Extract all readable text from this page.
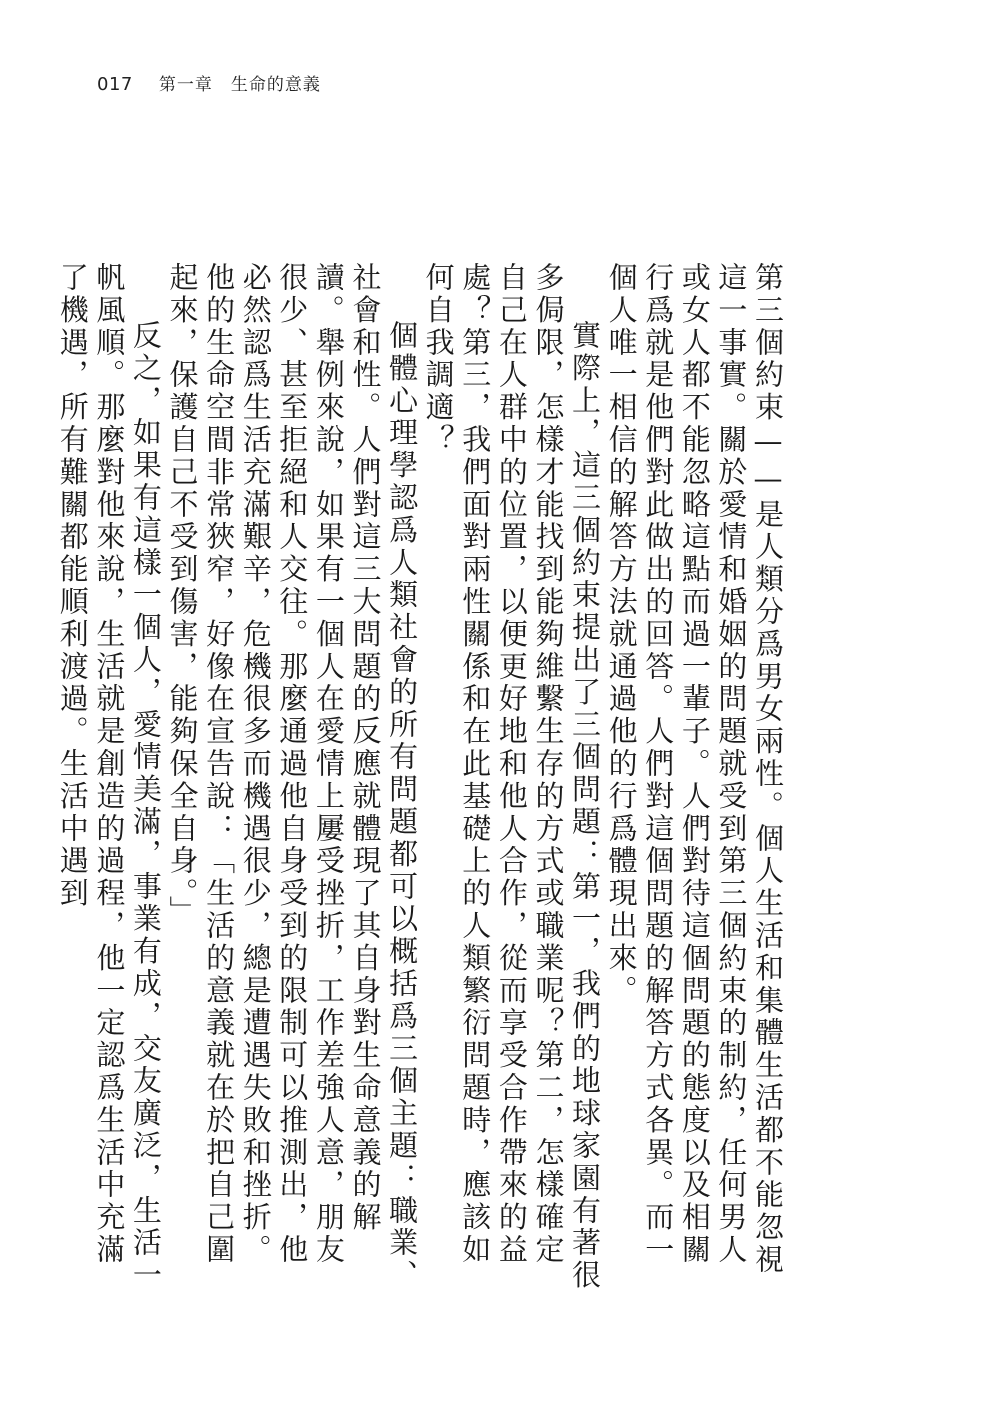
017 第一章　生命的意義

第三個約束——是人類分爲男女兩性。個人生活和集體生活都不能忽視這一事實。關於愛情和婚姻的問題就受到第三個約束的制約，任何男人或女人都不能忽略這點而過一輩子。人們對待這個問題的態度以及相關行爲就是他們對此做出的回答。人們對這個問題的解答方式各異。而一個人唯一相信的解答方法就通過他的行爲體現出來。

實際上，這三個約束提出了三個問題：第一，我們的地球家園有著很多侷限，怎樣才能找到能夠維繫生存的方式或職業呢？第二，怎樣確定自己在人群中的位置，以便更好地和他人合作，從而享受合作帶來的益處？第三，我們面對兩性關係和在此基礎上的人類繁衍問題時，應該如何自我調適？

個體心理學認爲人類社會的所有問題都可以概括爲三個主題：職業、社會和性。人們對這三大問題的反應就體現了其自身對生命意義的解讀。舉例來說，如果有一個人在愛情上屢受挫折，工作差強人意，朋友很少、甚至拒絕和人交往。那麼通過他自身受到的限制可以推測出，他必然認爲生活充滿艱辛，危機很多而機遇很少，總是遭遇失敗和挫折。他的生命空間非常狹窄，好像在宣告說：「生活的意義就在於把自己圍起來，保護自己不受到傷害，能夠保全自身。」

反之，如果有這樣一個人，愛情美滿，事業有成，交友廣泛，生活一帆風順。那麼對他來說，生活就是創造的過程，他一定認爲生活中充滿了機遇，所有難關都能順利渡過。生活中遇到
